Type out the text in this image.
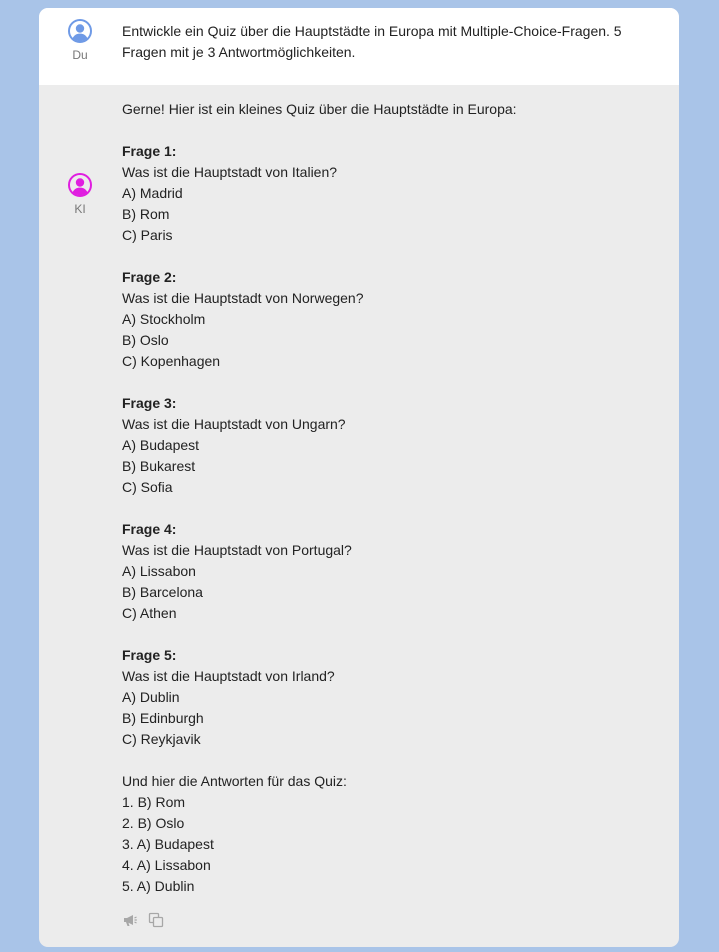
Du
Entwickle ein Quiz über die Hauptstädte in Europa mit Multiple-Choice-Fragen. 5
Fragen mit je 3 Antwortmöglichkeiten.
KI
Gerne! Hier ist ein kleines Quiz über die Hauptstädte in Europa:
Frage 1:
Was ist die Hauptstadt von Italien?
A) Madrid
B) Rom
C) Paris
Frage 2:
Was ist die Hauptstadt von Norwegen?
A) Stockholm
B) Oslo
C) Kopenhagen
Frage 3:
Was ist die Hauptstadt von Ungarn?
A) Budapest
B) Bukarest
C) Sofia
Frage 4:
Was ist die Hauptstadt von Portugal?
A) Lissabon
B) Barcelona
C) Athen
Frage 5:
Was ist die Hauptstadt von Irland?
A) Dublin
B) Edinburgh
C) Reykjavik
Und hier die Antworten für das Quiz:
1. B) Rom
2. B) Oslo
3. A) Budapest
4. A) Lissabon
5. A) Dublin
